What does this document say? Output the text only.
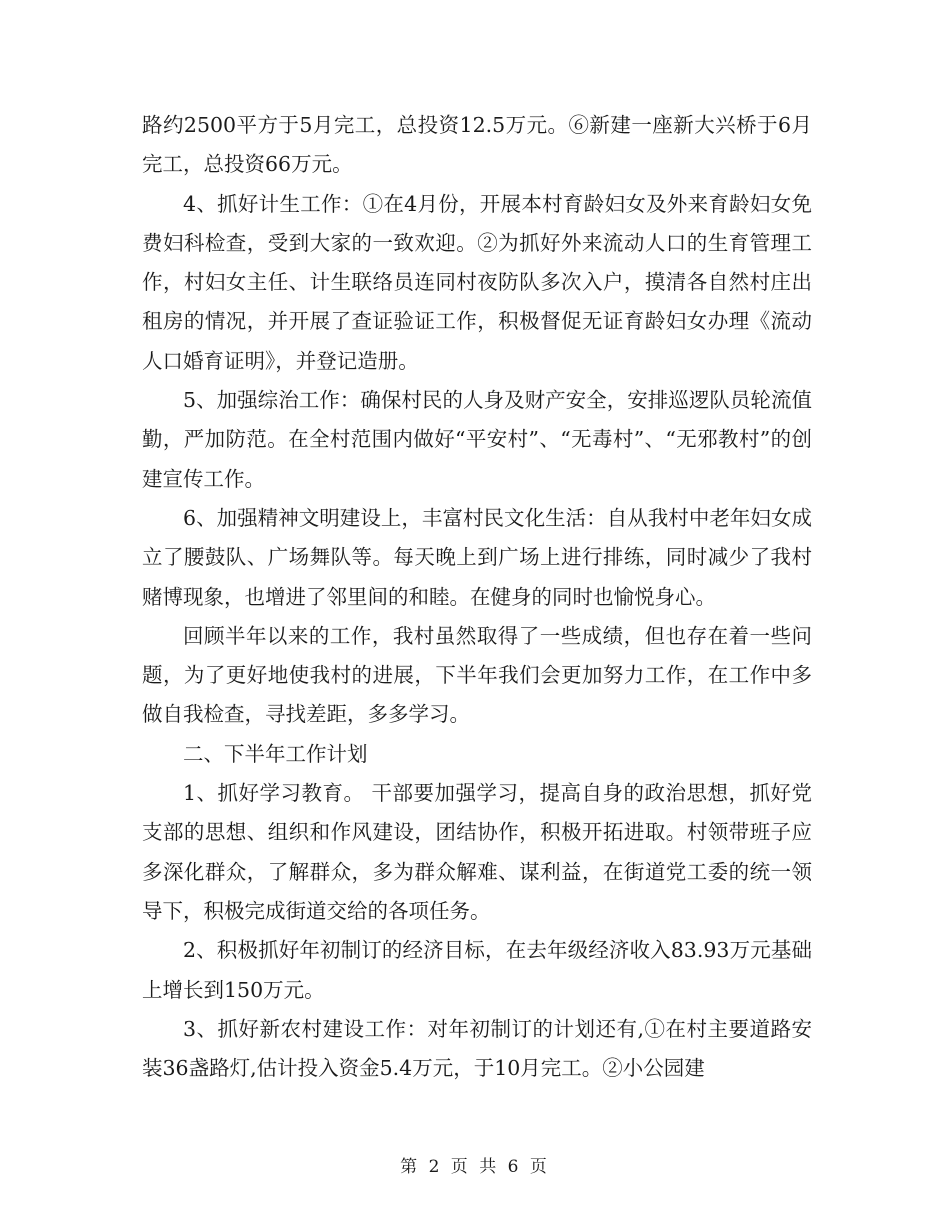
路约2500平方于5月完工，总投资12.5万元。⑥新建一座新大兴桥于6月完工，总投资66万元。

4、抓好计生工作：①在4月份，开展本村育龄妇女及外来育龄妇女免费妇科检查，受到大家的一致欢迎。②为抓好外来流动人口的生育管理工作，村妇女主任、计生联络员连同村夜防队多次入户，摸清各自然村庄出租房的情况，并开展了查证验证工作，积极督促无证育龄妇女办理《流动人口婚育证明》，并登记造册。

5、加强综治工作：确保村民的人身及财产安全，安排巡逻队员轮流值勤，严加防范。在全村范围内做好“平安村”、“无毒村”、“无邪教村”的创建宣传工作。

6、加强精神文明建设上，丰富村民文化生活：自从我村中老年妇女成立了腰鼓队、广场舞队等。每天晚上到广场上进行排练，同时减少了我村赌博现象，也增进了邻里间的和睦。在健身的同时也愉悦身心。

回顾半年以来的工作，我村虽然取得了一些成绩，但也存在着一些问题，为了更好地使我村的进展，下半年我们会更加努力工作，在工作中多做自我检查，寻找差距，多多学习。

二、下半年工作计划

1、抓好学习教育。 干部要加强学习，提高自身的政治思想，抓好党支部的思想、组织和作风建设，团结协作，积极开拓进取。村领带班子应多深化群众，了解群众，多为群众解难、谋利益，在街道党工委的统一领导下，积极完成街道交给的各项任务。

2、积极抓好年初制订的经济目标，在去年级经济收入83.93万元基础上增长到150万元。

3、抓好新农村建设工作：对年初制订的计划还有,①在村主要道路安装36盏路灯,估计投入资金5.4万元，于10月完工。②小公园建

第 2 页 共 6 页
